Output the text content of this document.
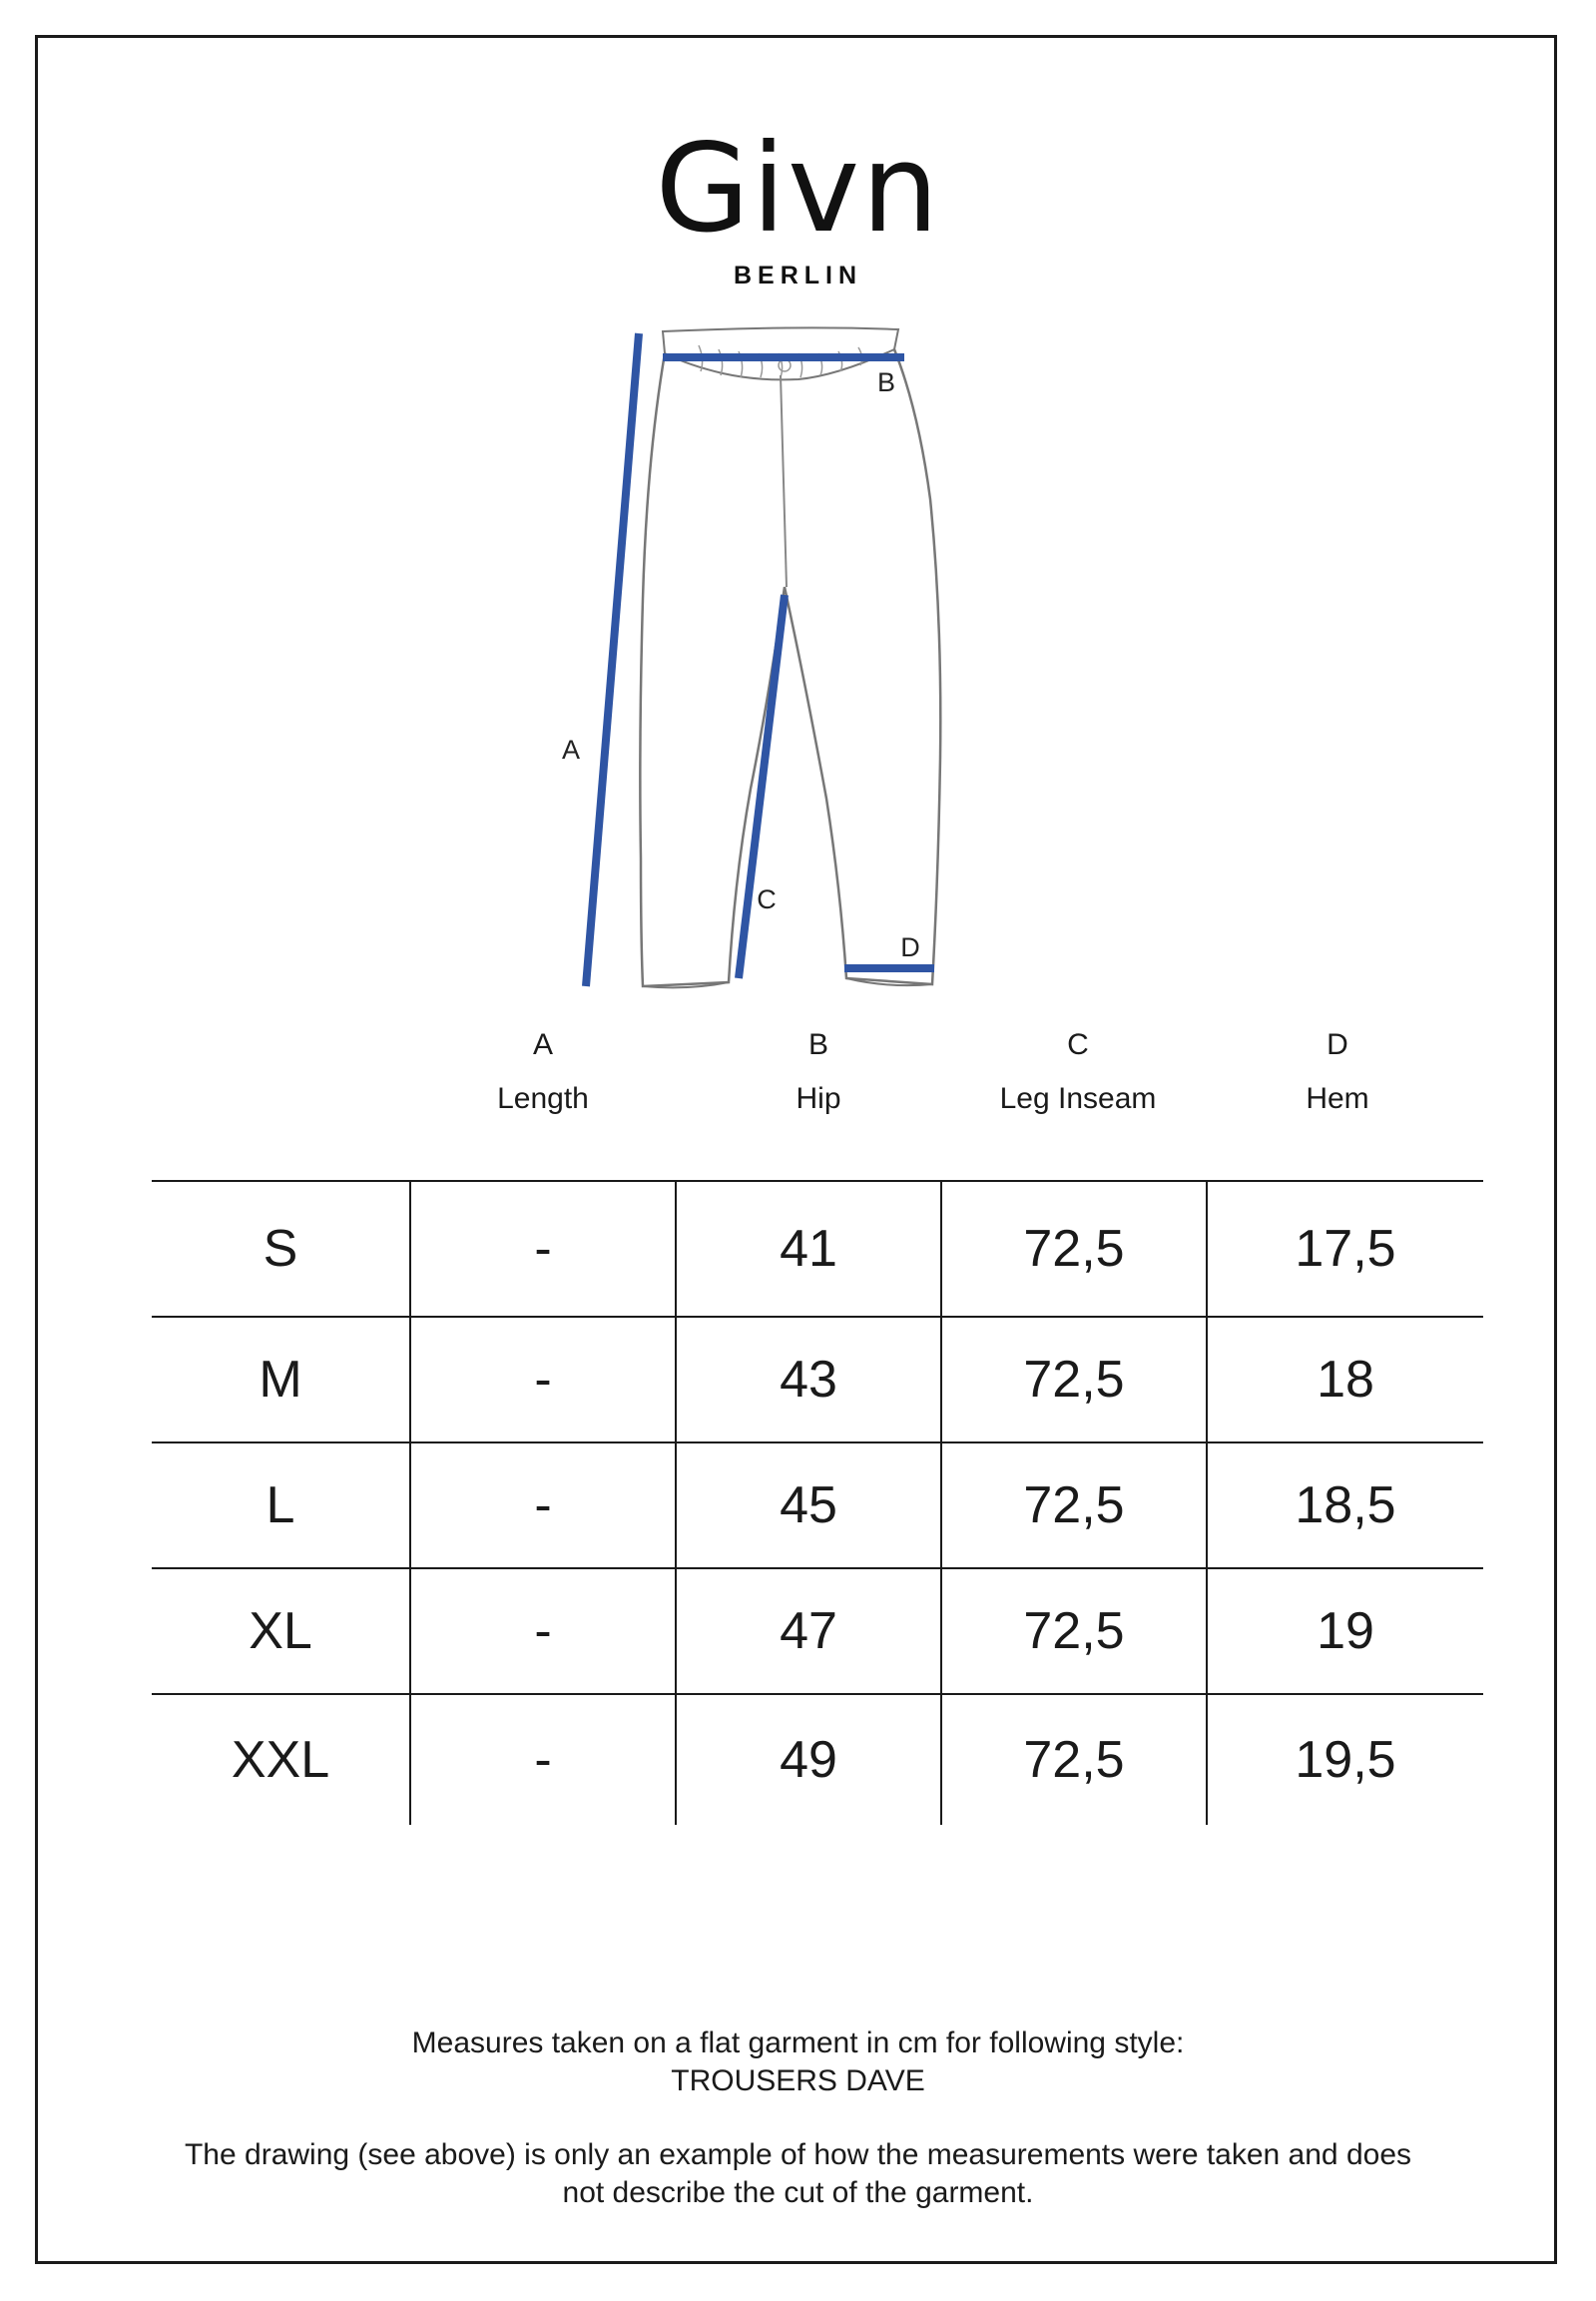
Givn
BERLIN
A
B
C
D
A
Length
B
Hip
C
Leg Inseam
D
Hem
S	-	41	72,5	17,5
M	-	43	72,5	18
L	-	45	72,5	18,5
XL	-	47	72,5	19
XXL	-	49	72,5	19,5
Measures taken on a flat garment in cm for following style:
TROUSERS DAVE
The drawing (see above) is only an example of how the measurements were taken and does
not describe the cut of the garment.
